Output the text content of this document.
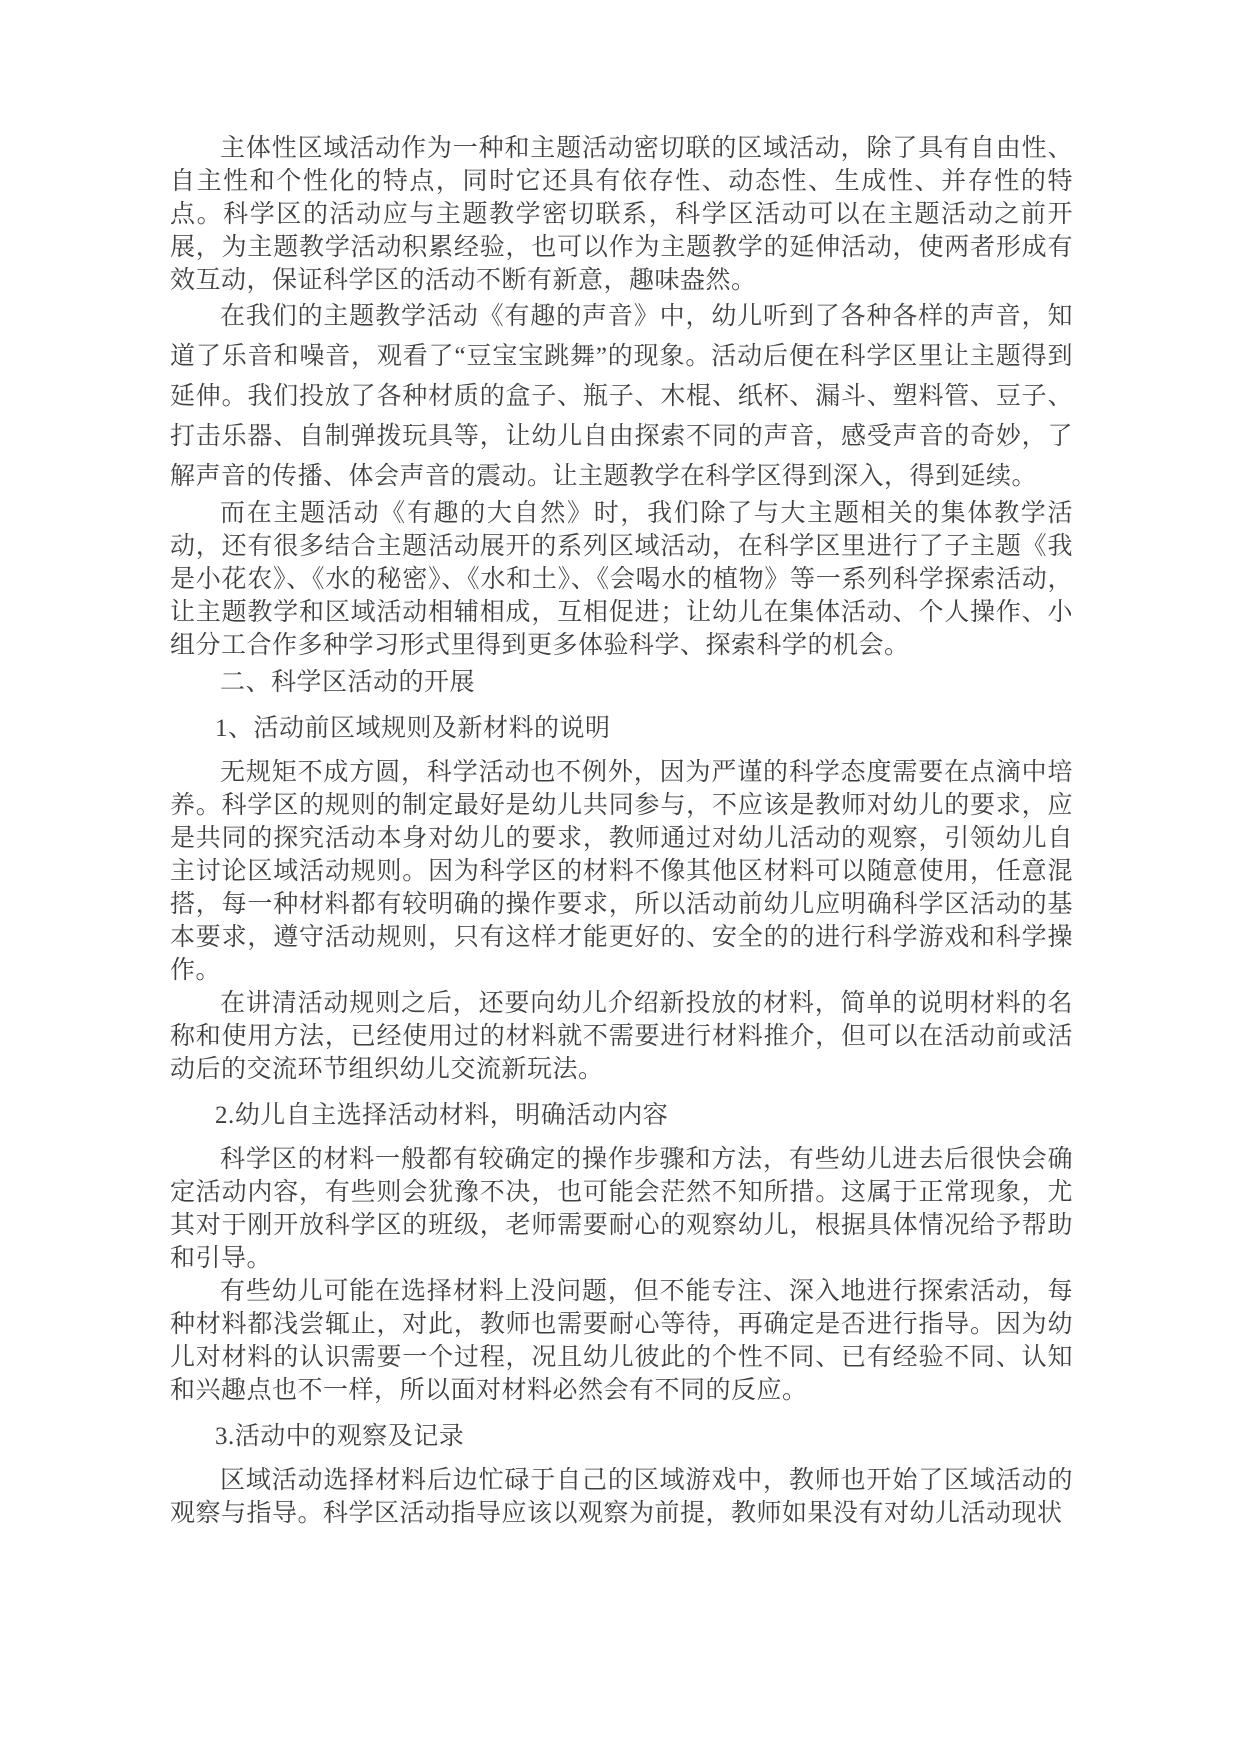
主体性区域活动作为一种和主题活动密切联的区域活动，除了具有自由性、自主性和个性化的特点，同时它还具有依存性、动态性、生成性、并存性的特点。科学区的活动应与主题教学密切联系，科学区活动可以在主题活动之前开展，为主题教学活动积累经验，也可以作为主题教学的延伸活动，使两者形成有效互动，保证科学区的活动不断有新意，趣味盎然。

在我们的主题教学活动《有趣的声音》中，幼儿听到了各种各样的声音，知道了乐音和噪音，观看了“豆宝宝跳舞”的现象。活动后便在科学区里让主题得到延伸。我们投放了各种材质的盒子、瓶子、木棍、纸杯、漏斗、塑料管、豆子、打击乐器、自制弹拨玩具等，让幼儿自由探索不同的声音，感受声音的奇妙，了解声音的传播、体会声音的震动。让主题教学在科学区得到深入，得到延续。

而在主题活动《有趣的大自然》时，我们除了与大主题相关的集体教学活动，还有很多结合主题活动展开的系列区域活动，在科学区里进行了子主题《我是小花农》、《水的秘密》、《水和土》、《会喝水的植物》等一系列科学探索活动，让主题教学和区域活动相辅相成，互相促进；让幼儿在集体活动、个人操作、小组分工合作多种学习形式里得到更多体验科学、探索科学的机会。

二、科学区活动的开展

1、活动前区域规则及新材料的说明

无规矩不成方圆，科学活动也不例外，因为严谨的科学态度需要在点滴中培养。科学区的规则的制定最好是幼儿共同参与，不应该是教师对幼儿的要求，应是共同的探究活动本身对幼儿的要求，教师通过对幼儿活动的观察，引领幼儿自主讨论区域活动规则。因为科学区的材料不像其他区材料可以随意使用，任意混搭，每一种材料都有较明确的操作要求，所以活动前幼儿应明确科学区活动的基本要求，遵守活动规则，只有这样才能更好的、安全的的进行科学游戏和科学操作。

在讲清活动规则之后，还要向幼儿介绍新投放的材料，简单的说明材料的名称和使用方法，已经使用过的材料就不需要进行材料推介，但可以在活动前或活动后的交流环节组织幼儿交流新玩法。

2.幼儿自主选择活动材料，明确活动内容

科学区的材料一般都有较确定的操作步骤和方法，有些幼儿进去后很快会确定活动内容，有些则会犹豫不决，也可能会茫然不知所措。这属于正常现象，尤其对于刚开放科学区的班级，老师需要耐心的观察幼儿，根据具体情况给予帮助和引导。

有些幼儿可能在选择材料上没问题，但不能专注、深入地进行探索活动，每种材料都浅尝辄止，对此，教师也需要耐心等待，再确定是否进行指导。因为幼儿对材料的认识需要一个过程，况且幼儿彼此的个性不同、已有经验不同、认知和兴趣点也不一样，所以面对材料必然会有不同的反应。

3.活动中的观察及记录

区域活动选择材料后边忙碌于自己的区域游戏中，教师也开始了区域活动的观察与指导。科学区活动指导应该以观察为前提，教师如果没有对幼儿活动现状
